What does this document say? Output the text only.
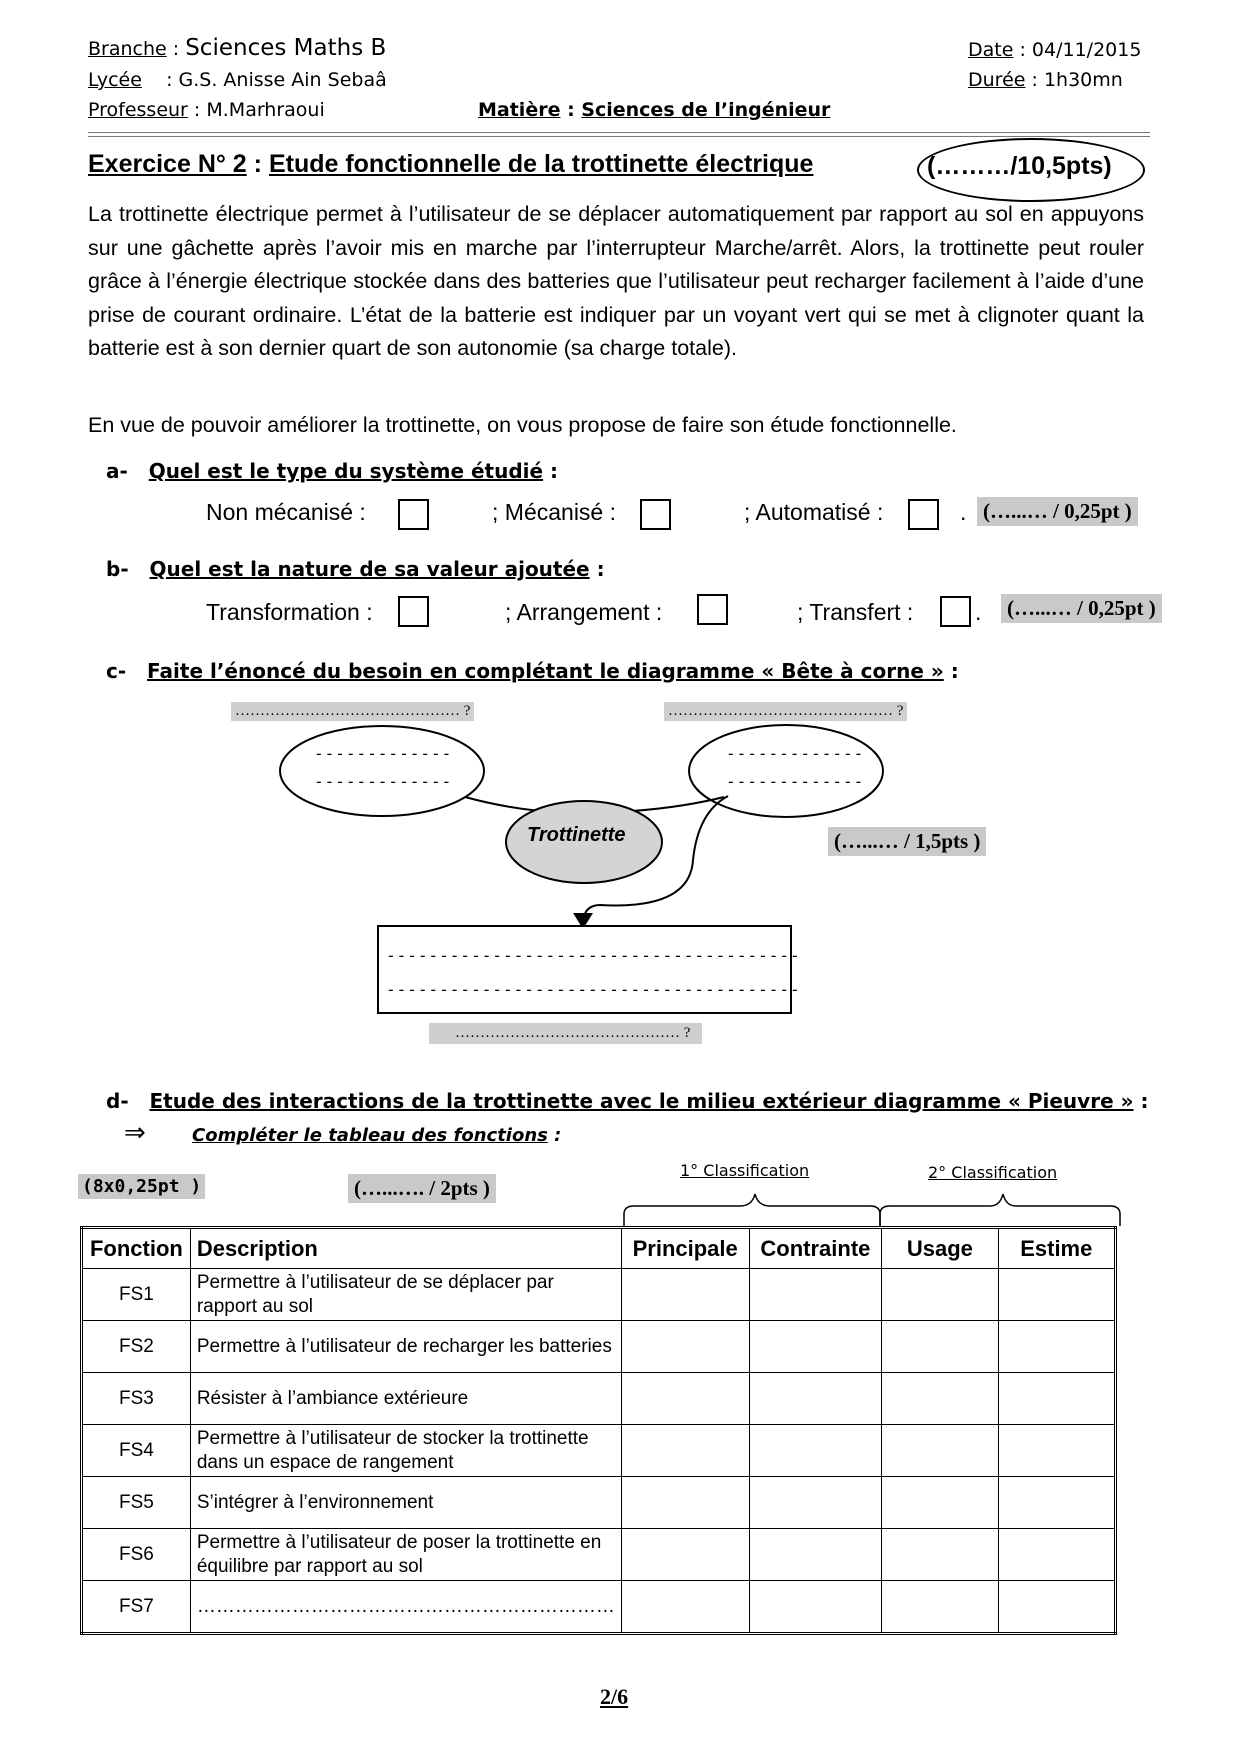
Branche : Sciences Maths B
Lycée : G.S. Anisse Ain Sebaâ
Professeur : M.Marhraoui	Matière : Sciences de l’ingénieur
Date : 04/11/2015
Durée : 1h30mn
Exercice N° 2 : Etude fonctionnelle de la trottinette électrique	(………/10,5pts)
La trottinette électrique permet à l’utilisateur de se déplacer automatiquement par rapport au sol en appuyons sur une gâchette après l’avoir mis en marche par l’interrupteur Marche/arrêt. Alors, la trottinette peut rouler grâce à l’énergie électrique stockée dans des batteries que l’utilisateur peut recharger facilement à l’aide d’une prise de courant ordinaire. L’état de la batterie est indiquer par un voyant vert qui se met à clignoter quant la batterie est à son dernier quart de son autonomie (sa charge totale).
En vue de pouvoir améliorer la trottinette, on vous propose de faire son étude fonctionnelle.
a- Quel est le type du système étudié :
Non mécanisé :	; Mécanisé :	; Automatisé :	. (…...… / 0,25pt )
b- Quel est la nature de sa valeur ajoutée :
Transformation :	; Arrangement :	; Transfert :	. (…...… / 0,25pt )
c- Faite l’énoncé du besoin en complétant le diagramme « Bête à corne » :
……………………………………… ?	……………………………………… ?
-------------
-------------
-------------
-------------
Trottinette	(…...… / 1,5pts )
---------------------------------------
---------------------------------------
……………………………………… ?
d- Etude des interactions de la trottinette avec le milieu extérieur diagramme « Pieuvre » :
⇒	Compléter le tableau des fonctions :
1° Classification	2° Classification
(8x0,25pt )	(…...…. / 2pts )
Fonction	Description	Principale	Contrainte	Usage	Estime
FS1	Permettre à l’utilisateur de se déplacer par rapport au sol				
FS2	Permettre à l’utilisateur de recharger les batteries				
FS3	Résister à l’ambiance extérieure				
FS4	Permettre à l’utilisateur de stocker la trottinette dans un espace de rangement				
FS5	S’intégrer à l’environnement				
FS6	Permettre à l’utilisateur de poser la trottinette en équilibre par rapport au sol				
FS7	…………………………………………………………				
2/6
